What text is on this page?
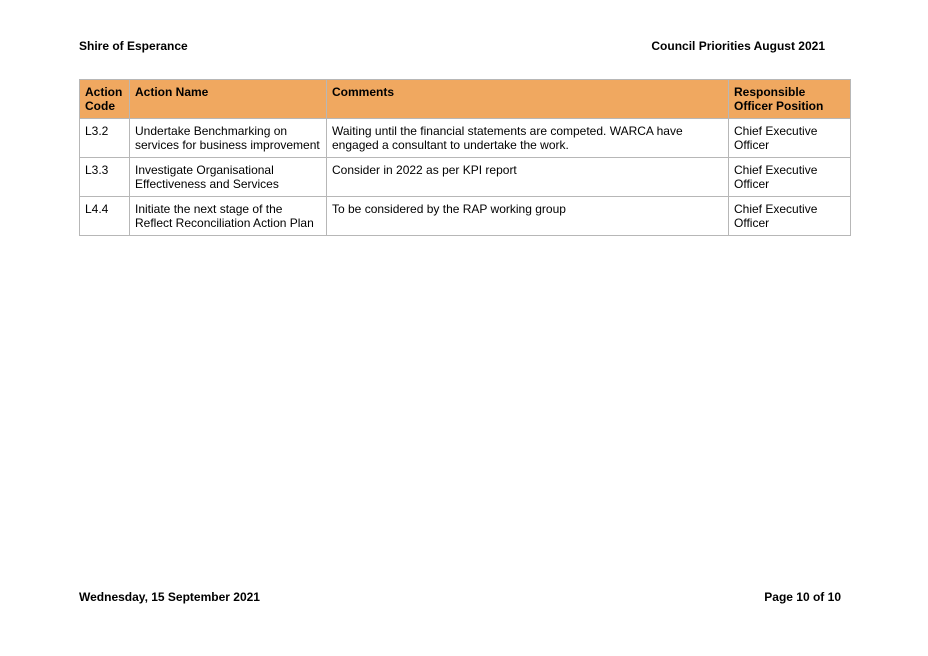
Shire of Esperance	Council Priorities August 2021
Action Code	Action Name	Comments	Responsible Officer Position
L3.2	Undertake Benchmarking on services for business improvement	Waiting until the financial statements are competed. WARCA have engaged a consultant to undertake the work.	Chief Executive Officer
L3.3	Investigate Organisational Effectiveness and Services	Consider in 2022 as per KPI report	Chief Executive Officer
L4.4	Initiate the next stage of the Reflect Reconciliation Action Plan	To be considered by the RAP working group	Chief Executive Officer
Wednesday, 15 September 2021	Page 10 of 10
